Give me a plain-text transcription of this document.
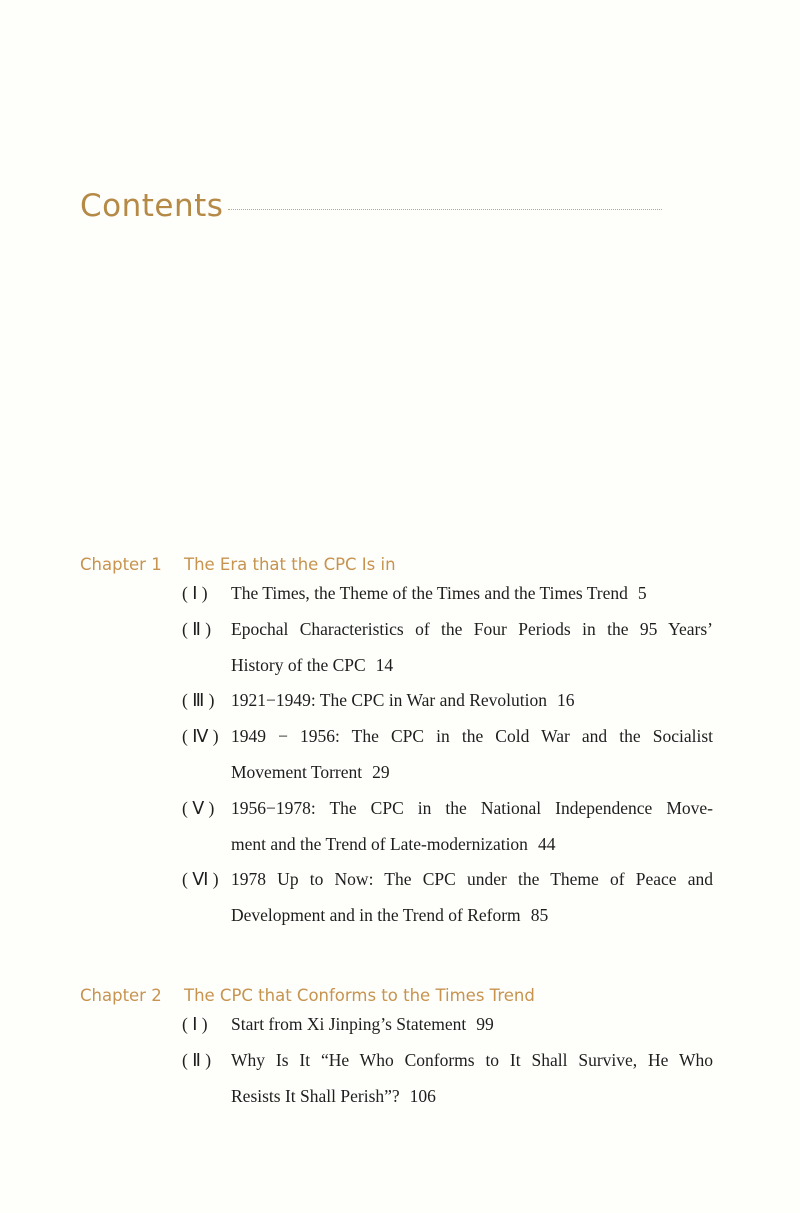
Contents
Chapter 1 The Era that the CPC Is in
( Ⅰ )	The Times, the Theme of the Times and the Times Trend 5
( Ⅱ )	Epochal Characteristics of the Four Periods in the 95 Years’
History of the CPC 14
( Ⅲ ) 1921−1949: The CPC in War and Revolution 16
( Ⅳ ) 1949 − 1956: The CPC in the Cold War and the Socialist
Movement Torrent 29
( Ⅴ ) 1956−1978: The CPC in the National Independence Move-
ment and the Trend of Late-modernization 44
( Ⅵ ) 1978 Up to Now: The CPC under the Theme of Peace and
Development and in the Trend of Reform 85
Chapter 2 The CPC that Conforms to the Times Trend
( Ⅰ )	Start from Xi Jinping’s Statement 99
( Ⅱ )	Why Is It “He Who Conforms to It Shall Survive, He Who
Resists It Shall Perish”? 106
